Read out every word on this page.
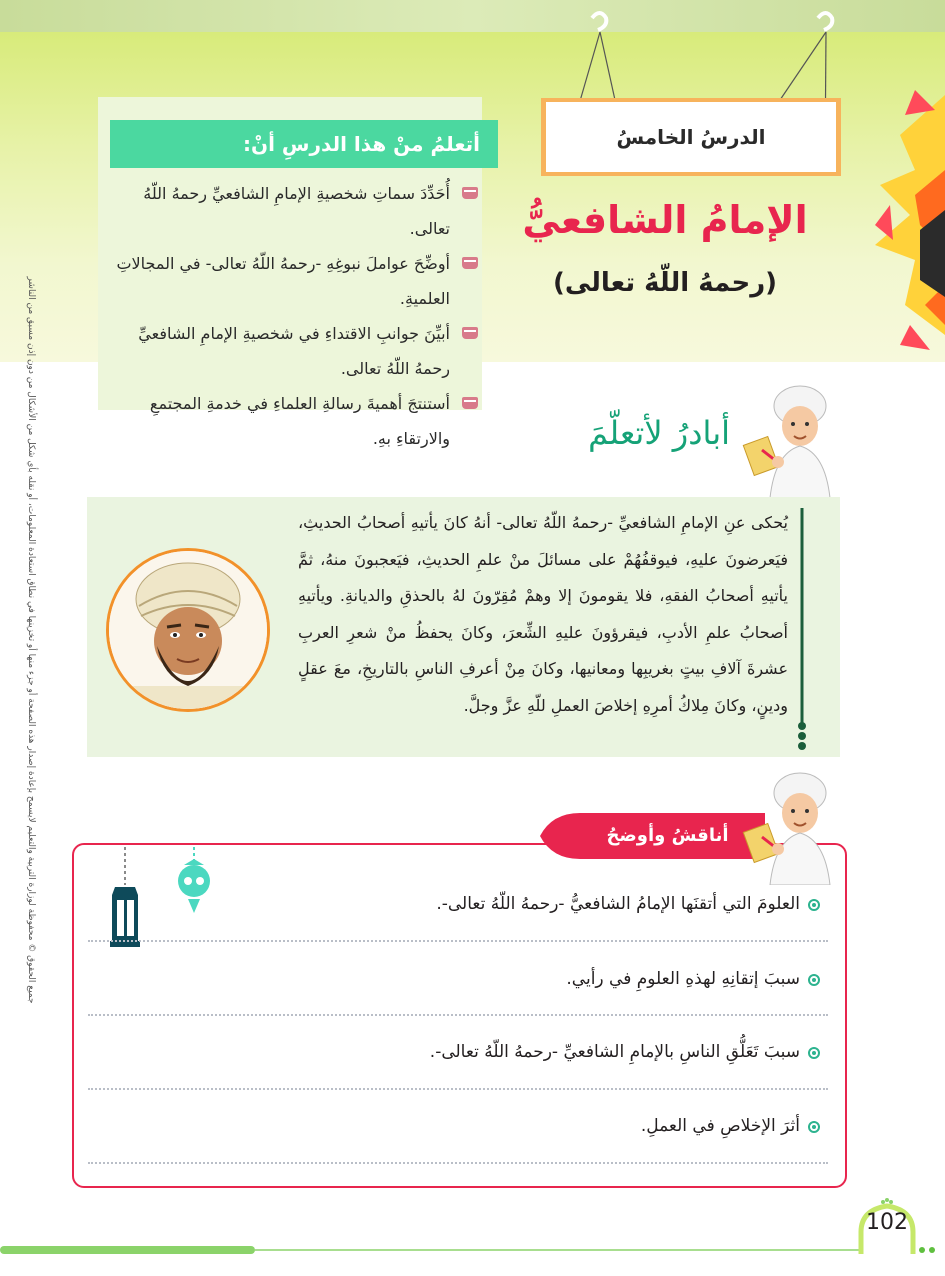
أتعلمُ منْ هذا الدرسِ أنْ:
أُحَدِّدَ سماتِ شخصيةِ الإمامِ الشافعيِّ رحمهُ اللّهُ تعالى.
أوضِّحَ عواملَ نبوغِهِ -رحمهُ اللّهُ تعالى- في المجالاتِ العلميةِ.
أبيِّنَ جوانبِ الاقتداءِ في شخصيةِ الإمامِ الشافعيِّ رحمهُ اللّهُ تعالى.
أستنتجَ أهميةَ رسالةِ العلماءِ في خدمةِ المجتمعِ والارتقاءِ بهِ.
الدرسُ الخامسُ
الإمامُ الشافعيُّ
(رحمهُ اللّهُ تعالى)
جميع الحقوق © محفوظة لوزارة التربية والتعليم لايسمح بإعادة إصدار هذه الصفحة أو جزء منها أو تخزينها في نطاق استعادة المعلومات، أو نقله بأي شكل من الأشكال من دون إذن مسبق من الناشر	أبادرُ لأتعلّمَ
يُحكى عنِ الإمامِ الشافعيِّ -رحمهُ اللّهُ تعالى- أنهُ كانَ يأتيهِ أصحابُ الحديثِ، فيَعرضونَ عليهِ، فيوقفُهُمْ على مسائلَ منْ علمِ الحديثِ، فيَعجبونَ منهُ، ثمَّ يأتيهِ أصحابُ الفقهِ، فلا يقومونَ إلا وهمْ مُقِرّونَ لهُ بالحذقِ والديانةِ. ويأتيهِ أصحابُ علمِ الأدبِ، فيقرؤونَ عليهِ الشِّعرَ، وكانَ يحفظُ منْ شعرِ العربِ عشرةَ آلافِ بيتٍ بغريبِها ومعانيها، وكانَ مِنْ أعرفِ الناسِ بالتاريخِ، معَ عقلٍ ودينٍ، وكانَ مِلاكُ أمرِهِ إخلاصَ العملِ للّهِ عزَّ وجلَّ.
أناقشُ وأوضحُ
العلومَ التي أتقنَها الإمامُ الشافعيُّ -رحمهُ اللّهُ تعالى-.
سببَ إتقانِهِ لهذهِ العلومِ في رأيي.
سببَ تَعَلُّقِ الناسِ بالإمامِ الشافعيِّ -رحمهُ اللّهُ تعالى-.
أثرَ الإخلاصِ في العملِ.
102
